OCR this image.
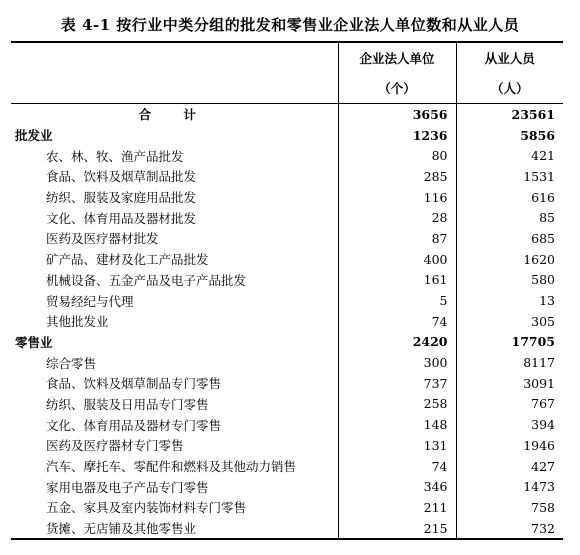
表 4-1 按行业中类分组的批发和零售业企业法人单位数和从业人员

	企业法人单位	从业人员
	（个）	（人）

合 计	3656	23561
批发业	1236	5856
农、林、牧、渔产品批发	80	421
食品、饮料及烟草制品批发	285	1531
纺织、服装及家庭用品批发	116	616
文化、体育用品及器材批发	28	85
医药及医疗器材批发	87	685
矿产品、建材及化工产品批发	400	1620
机械设备、五金产品及电子产品批发	161	580
贸易经纪与代理	5	13
其他批发业	74	305
零售业	2420	17705
综合零售	300	8117
食品、饮料及烟草制品专门零售	737	3091
纺织、服装及日用品专门零售	258	767
文化、体育用品及器材专门零售	148	394
医药及医疗器材专门零售	131	1946
汽车、摩托车、零配件和燃料及其他动力销售	74	427
家用电器及电子产品专门零售	346	1473
五金、家具及室内装饰材料专门零售	211	758
货摊、无店铺及其他零售业	215	732
